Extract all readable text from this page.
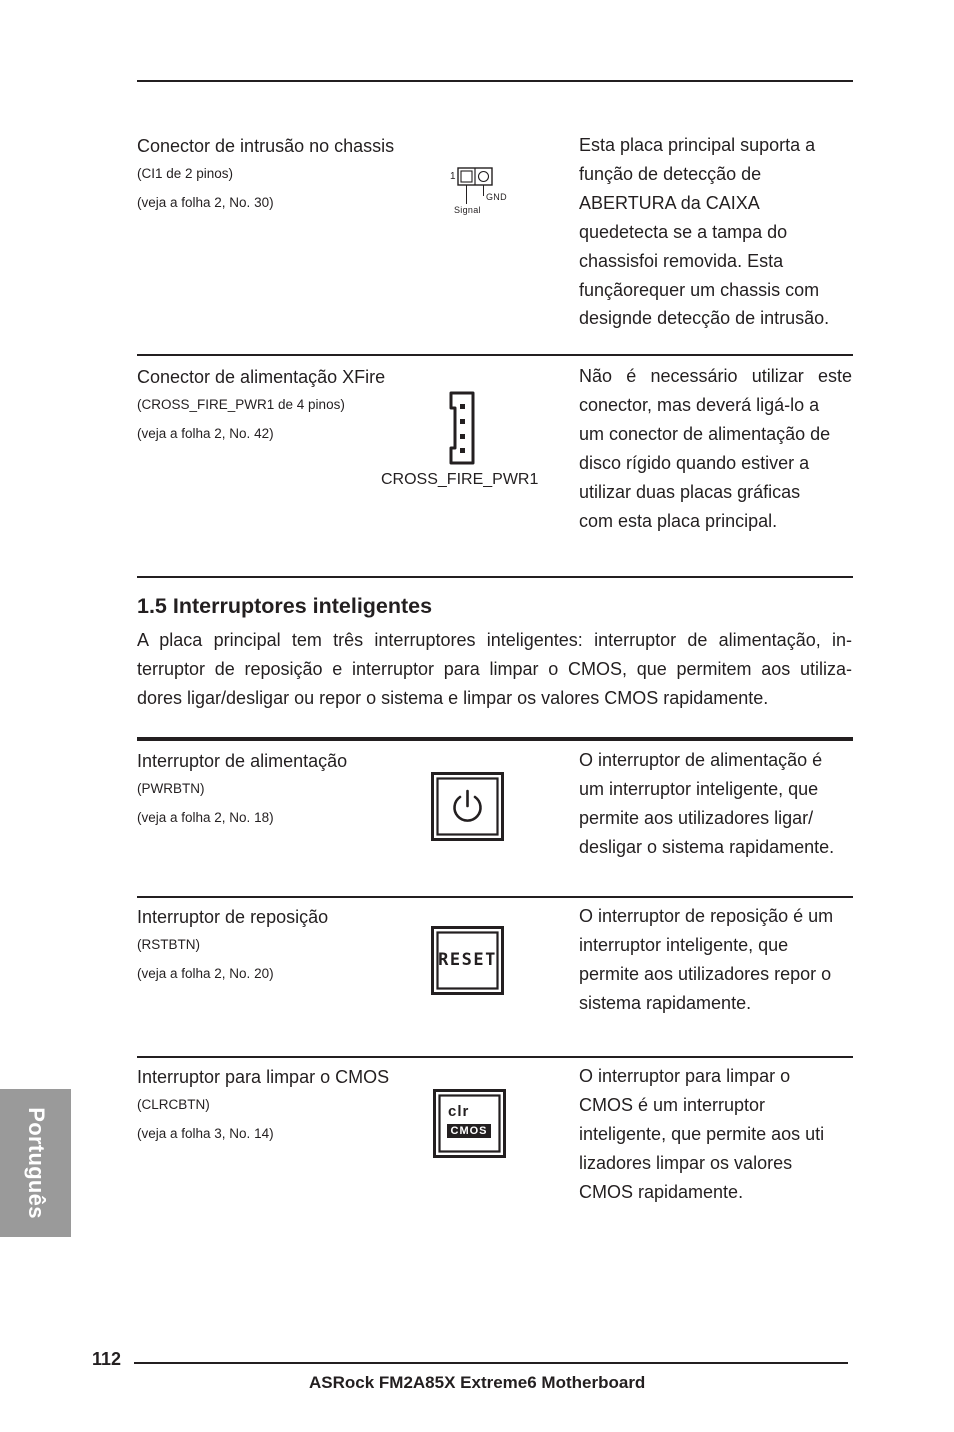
Conector de intrusão no chassis
(CI1 de 2 pinos)
(veja a folha 2, No. 30)
1
GND
Signal
Esta placa principal suporta a
função de detecção de
ABERTURA da CAIXA
quedetecta se a tampa do
chassisfoi removida. Esta
funçãorequer um chassis com
designde detecção de intrusão.
Conector de alimentação XFire
(CROSS_FIRE_PWR1 de 4 pinos)
(veja a folha 2, No. 42)
CROSS_FIRE_PWR1
Não é necessário utilizar este
conector, mas deverá ligá-lo a
um conector de alimentação de
disco rígido quando estiver a
utilizar duas placas gráficas
com esta placa principal.
1.5 Interruptores inteligentes
A placa principal tem três interruptores inteligentes: interruptor de alimentação, in-
terruptor de reposição e interruptor para limpar o CMOS, que permitem aos utiliza-
dores ligar/desligar ou repor o sistema e limpar os valores CMOS rapidamente.
Interruptor de alimentação
(PWRBTN)
(veja a folha 2, No. 18)
O interruptor de alimentação é
um interruptor inteligente, que
permite aos utilizadores ligar/
desligar o sistema rapidamente.
Interruptor de reposição
(RSTBTN)
(veja a folha 2, No. 20)
RESET
O interruptor de reposição é um
interruptor inteligente, que
permite aos utilizadores repor o
sistema rapidamente.
Interruptor para limpar o CMOS
(CLRCBTN)
(veja a folha 3, No. 14)
clr
CMOS
O interruptor para limpar o
CMOS é um interruptor
inteligente, que permite aos uti
lizadores limpar os valores
CMOS rapidamente.
Português
112
ASRock FM2A85X Extreme6 Motherboard
